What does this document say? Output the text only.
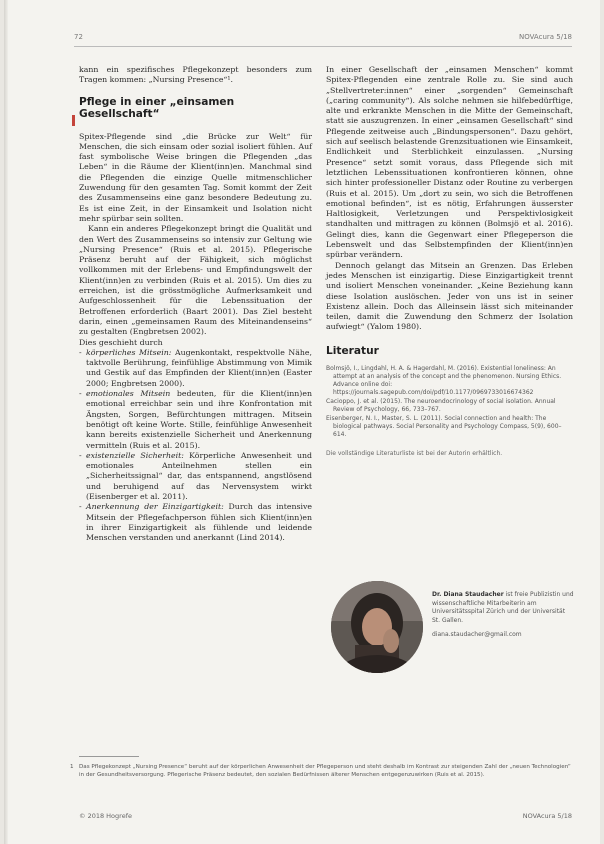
72	NOVAcura 5/18

kann ein spezifisches Pflegekonzept besonders zum Tragen kommen: „Nursing Presence“¹.

Pflege in einer „einsamen Gesellschaft“

Spitex-Pflegende sind „die Brücke zur Welt“ für Menschen, die sich einsam oder sozial isoliert fühlen. Auf fast symbolische Weise bringen die Pflegenden „das Leben“ in die Räume der Klient(inn)en. Manchmal sind die Pflegenden die einzige Quelle mitmenschlicher Zuwendung für den gesamten Tag. Somit kommt der Zeit des Zusammenseins eine ganz besondere Bedeutung zu. Es ist eine Zeit, in der Einsamkeit und Isolation nicht mehr spürbar sein sollten.

Kann ein anderes Pflegekonzept bringt die Qualität und den Wert des Zusammenseins so intensiv zur Geltung wie „Nursing Presence“ (Ruis et al. 2015). Pflegerische Präsenz beruht auf der Fähigkeit, sich möglichst vollkommen mit der Erlebens- und Empfindungswelt der Klient(inn)en zu verbinden (Ruis et al. 2015). Um dies zu erreichen, ist die grösstmögliche Aufmerksamkeit und Aufgeschlossenheit für die Lebenssituation der Betroffenen erforderlich (Baart 2001). Das Ziel besteht darin, einen „gemeinsamen Raum des Miteinandenseins“ zu gestalten (Engbretsen 2002).

Dies geschieht durch

- körperliches Mitsein: Augenkontakt, respektvolle Nähe, taktvolle Berührung, feinfühlige Abstimmung von Mimik und Gestik auf das Empfinden der Klient(inn)en (Easter 2000; Engbretsen 2000).
- emotionales Mitsein bedeuten, für die Klient(inn)en emotional erreichbar sein und ihre Konfrontation mit Ängsten, Sorgen, Befürchtungen mittragen. Mitsein benötigt oft keine Worte. Stille, feinfühlige Anwesenheit kann bereits existenzielle Sicherheit und Anerkennung vermitteln (Ruis et al. 2015).
- existenzielle Sicherheit: Körperliche Anwesenheit und emotionales Anteilnehmen stellen ein „Sicherheitssignal“ dar, das entspannend, angstlösend und beruhigend auf das Nervensystem wirkt (Eisenberger et al. 2011).
- Anerkennung der Einzigartigkeit: Durch das intensive Mitsein der Pflegefachperson fühlen sich Klient(inn)en in ihrer Einzigartigkeit als fühlende und leidende Menschen verstanden und anerkannt (Lind 2014).

In einer Gesellschaft der „einsamen Menschen“ kommt Spitex-Pflegenden eine zentrale Rolle zu. Sie sind auch „Stellvertreter:innen“ einer „sorgenden“ Gemeinschaft („caring community“). Als solche nehmen sie hilfebedürftige, alte und erkrankte Menschen in die Mitte der Gemeinschaft, statt sie auszugrenzen. In einer „einsamen Gesellschaft“ sind Pflegende zeitweise auch „Bindungspersonen“. Dazu gehört, sich auf seelisch belastende Grenzsituationen wie Einsamkeit, Endlichkeit und Sterblichkeit einzulassen. „Nursing Presence“ setzt somit voraus, dass Pflegende sich mit letztlichen Lebenssituationen konfrontieren können, ohne sich hinter professioneller Distanz oder Routine zu verbergen (Ruis et al. 2015). Um „dort zu sein, wo sich die Betroffenen emotional befinden“, ist es nötig, Erfahrungen äusserster Haltlosigkeit, Verletzungen und Perspektivlosigkeit standhalten und mittragen zu können (Bolmsjö et al. 2016). Gelingt dies, kann die Gegenwart einer Pflegeperson die Lebenswelt und das Selbstempfinden der Klient(inn)en spürbar verändern.

Dennoch gelangt das Mitsein an Grenzen. Das Erleben jedes Menschen ist einzigartig. Diese Einzigartigkeit trennt und isoliert Menschen voneinander. „Keine Beziehung kann diese Isolation auslöschen. Jeder von uns ist in seiner Existenz allein. Doch das Alleinsein lässt sich miteinander teilen, damit die Zuwendung den Schmerz der Isolation aufwiegt“ (Yalom 1980).

Literatur

Bolmsjö, I., Lingdahl, H. A. & Hagerdahl, M. (2016). Existential loneliness: An attempt at an analysis of the concept and the phenomenon. Nursing Ethics. Advance online doi: https://journals.sagepub.com/doi/pdf/10.1177/0969733016674362

Cacioppo, J. et al. (2015). The neuroendocrinology of social isolation. Annual Review of Psychology, 66, 733–767.

Eisenberger, N. I., Master, S. L. (2011). Social connection and health: The biological pathways. Social Personality and Psychology Compass, 5(9), 600–614.

Die vollständige Literaturliste ist bei der Autorin erhältlich.
Dr. Diana Staudacher ist freie Publizistin und wissenschaftliche Mitarbeiterin am Universitätsspital Zürich und der Universität St. Gallen.
diana.staudacher@gmail.com
1 Das Pflegekonzept „Nursing Presence“ beruht auf der körperlichen Anwesenheit der Pflegeperson und steht deshalb im Kontrast zur steigenden Zahl der „neuen Technologien“ in der Gesundheitsversorgung. Pflegerische Präsenz bedeutet, den sozialen Bedürfnissen älterer Menschen entgegenzuwirken (Ruis et al. 2015).
© 2018 Hogrefe	NOVAcura 5/18
